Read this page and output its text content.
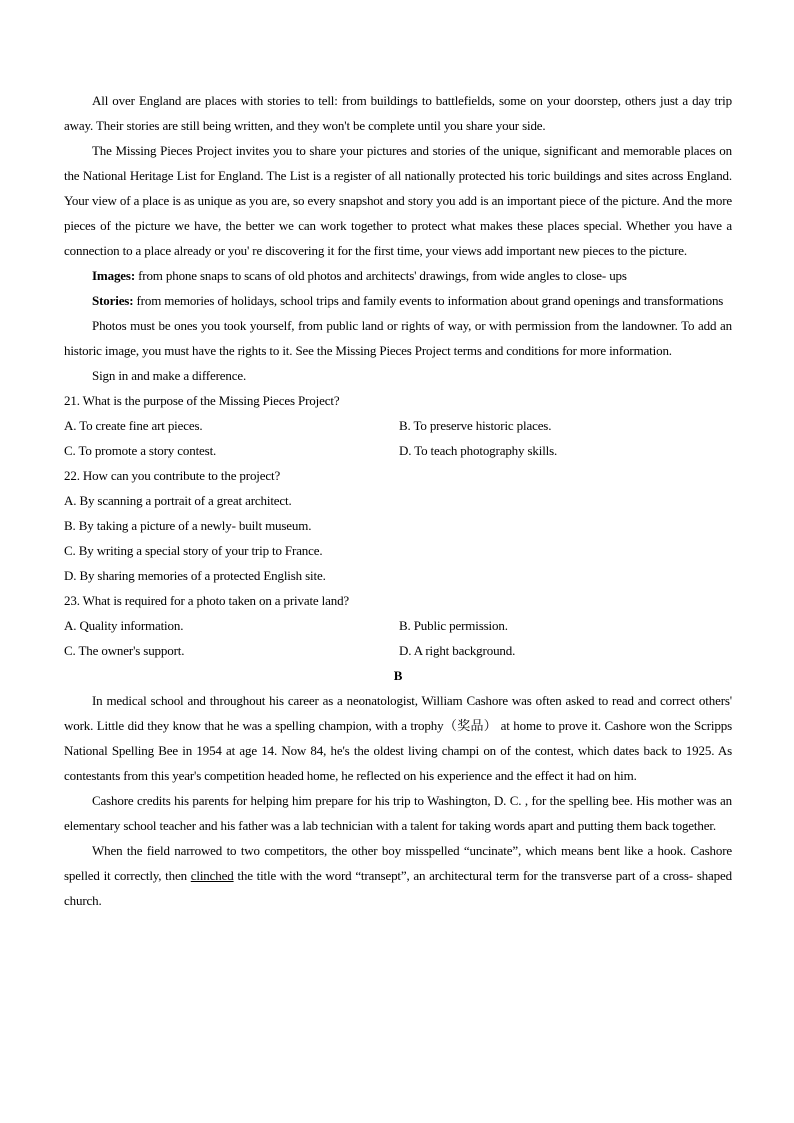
All over England are places with stories to tell: from buildings to battlefields, some on your doorstep, others just a day trip away. Their stories are still being written, and they won't be complete until you share your side.

The Missing Pieces Project invites you to share your pictures and stories of the unique, significant and memorable places on the National Heritage List for England. The List is a register of all nationally protected his toric buildings and sites across England. Your view of a place is as unique as you are, so every snapshot and story you add is an important piece of the picture. And the more pieces of the picture we have, the better we can work together to protect what makes these places special. Whether you have a connection to a place already or you' re discovering it for the first time, your views add important new pieces to the picture.

Images: from phone snaps to scans of old photos and architects' drawings, from wide angles to close- ups

Stories: from memories of holidays, school trips and family events to information about grand openings and transformations

Photos must be ones you took yourself, from public land or rights of way, or with permission from the landowner. To add an historic image, you must have the rights to it. See the Missing Pieces Project terms and conditions for more information.

Sign in and make a difference.

21. What is the purpose of the Missing Pieces Project?

A. To create fine art pieces.	B. To preserve historic places.
C. To promote a story contest.	D. To teach photography skills.

22. How can you contribute to the project?

A. By scanning a portrait of a great architect.

B. By taking a picture of a newly- built museum.

C. By writing a special story of your trip to France.

D. By sharing memories of a protected English site.

23. What is required for a photo taken on a private land?

A. Quality information.	B. Public permission.
C. The owner's support.	D. A right background.

B

In medical school and throughout his career as a neonatologist, William Cashore was often asked to read and correct others' work. Little did they know that he was a spelling champion, with a trophy（奖品） at home to prove it. Cashore won the Scripps National Spelling Bee in 1954 at age 14. Now 84, he's the oldest living champi on of the contest, which dates back to 1925. As contestants from this year's competition headed home, he reflected on his experience and the effect it had on him.

Cashore credits his parents for helping him prepare for his trip to Washington, D. C. , for the spelling bee. His mother was an elementary school teacher and his father was a lab technician with a talent for taking words apart and putting them back together.

When the field narrowed to two competitors, the other boy misspelled “uncinate”, which means bent like a hook. Cashore spelled it correctly, then clinched the title with the word “transept”, an architectural term for the transverse part of a cross- shaped church.
